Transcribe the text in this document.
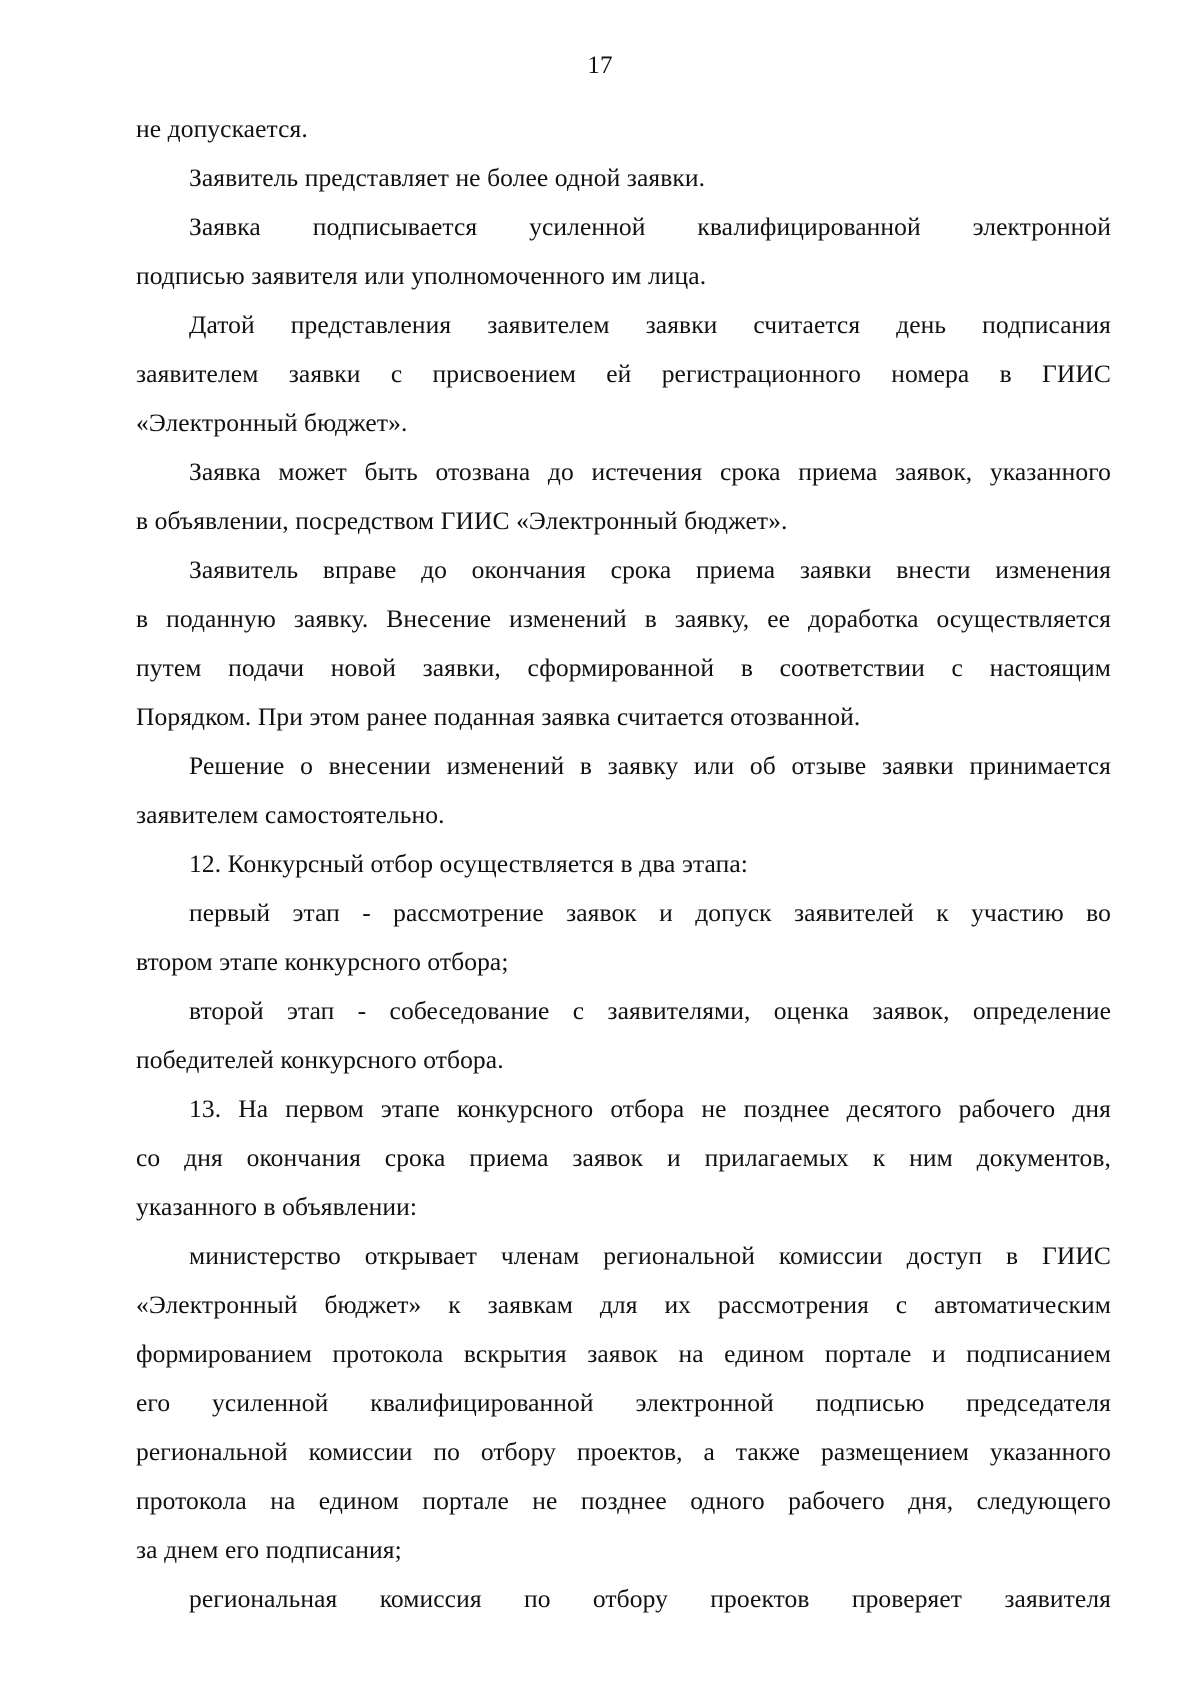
17
не допускается.
Заявитель представляет не более одной заявки.
Заявка подписывается усиленной квалифицированной электронной
подписью заявителя или уполномоченного им лица.
Датой представления заявителем заявки считается день подписания
заявителем заявки с присвоением ей регистрационного номера в ГИИС
«Электронный бюджет».
Заявка может быть отозвана до истечения срока приема заявок, указанного
в объявлении, посредством ГИИС «Электронный бюджет».
Заявитель вправе до окончания срока приема заявки внести изменения
в поданную заявку. Внесение изменений в заявку, ее доработка осуществляется
путем подачи новой заявки, сформированной в соответствии с настоящим
Порядком. При этом ранее поданная заявка считается отозванной.
Решение о внесении изменений в заявку или об отзыве заявки принимается
заявителем самостоятельно.
12. Конкурсный отбор осуществляется в два этапа:
первый этап - рассмотрение заявок и допуск заявителей к участию во
втором этапе конкурсного отбора;
второй этап - собеседование с заявителями, оценка заявок, определение
победителей конкурсного отбора.
13. На первом этапе конкурсного отбора не позднее десятого рабочего дня
со дня окончания срока приема заявок и прилагаемых к ним документов,
указанного в объявлении:
министерство открывает членам региональной комиссии доступ в ГИИС
«Электронный бюджет» к заявкам для их рассмотрения с автоматическим
формированием протокола вскрытия заявок на едином портале и подписанием
его усиленной квалифицированной электронной подписью председателя
региональной комиссии по отбору проектов, а также размещением указанного
протокола на едином портале не позднее одного рабочего дня, следующего
за днем его подписания;
региональная комиссия по отбору проектов проверяет заявителя
